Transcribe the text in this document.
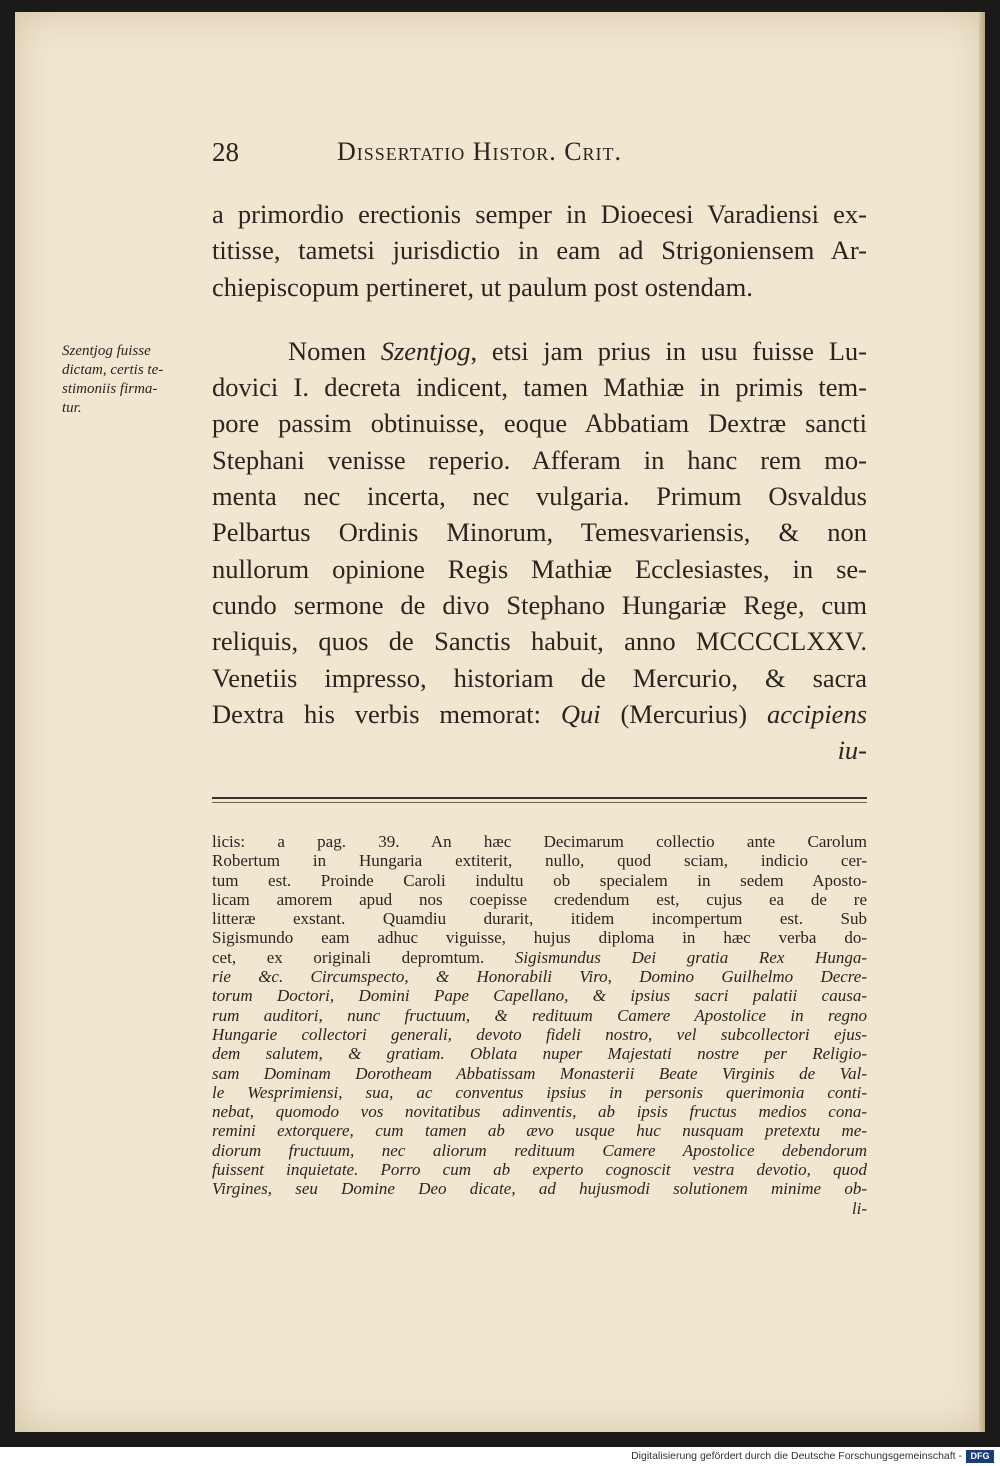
28	Dissertatio Histor. Crit.
Szentjog fuisse
dictam, certis te-
stimoniis firma-
tur.
a primordio erectionis semper in Dioecesi Varadiensi ex-
titisse, tametsi jurisdictio in eam ad Strigoniensem Ar-
chiepiscopum pertineret, ut paulum post ostendam.
Nomen Szentjog, etsi jam prius in usu fuisse Lu-
dovici I. decreta indicent, tamen Mathiæ in primis tem-
pore passim obtinuisse, eoque Abbatiam Dextræ sancti
Stephani venisse reperio. Afferam in hanc rem mo-
menta nec incerta, nec vulgaria. Primum Osvaldus
Pelbartus Ordinis Minorum, Temesvariensis, & non
nullorum opinione Regis Mathiæ Ecclesiastes, in se-
cundo sermone de divo Stephano Hungariæ Rege, cum
reliquis, quos de Sanctis habuit, anno MCCCCLXXV.
Venetiis impresso, historiam de Mercurio, & sacra
Dextra his verbis memorat: Qui (Mercurius) accipiens
iu-
licis: a pag. 39. An hæc Decimarum collectio ante Carolum
Robertum in Hungaria extiterit, nullo, quod sciam, indicio cer-
tum est. Proinde Caroli indultu ob specialem in sedem Aposto-
licam amorem apud nos coepisse credendum est, cujus ea de re
litteræ exstant. Quamdiu durarit, itidem incompertum est. Sub
Sigismundo eam adhuc viguisse, hujus diploma in hæc verba do-
cet, ex originali depromtum. Sigismundus Dei gratia Rex Hunga-
rie &c. Circumspecto, & Honorabili Viro, Domino Guilhelmo Decre-
torum Doctori, Domini Pape Capellano, & ipsius sacri palatii causa-
rum auditori, nunc fructuum, & redituum Camere Apostolice in regno
Hungarie collectori generali, devoto fideli nostro, vel subcollectori ejus-
dem salutem, & gratiam. Oblata nuper Majestati nostre per Religio-
sam Dominam Dorotheam Abbatissam Monasterii Beate Virginis de Val-
le Wesprimiensi, sua, ac conventus ipsius in personis querimonia conti-
nebat, quomodo vos novitatibus adinventis, ab ipsis fructus medios cona-
remini extorquere, cum tamen ab ævo usque huc nusquam pretextu me-
diorum fructuum, nec aliorum redituum Camere Apostolice debendorum
fuissent inquietate. Porro cum ab experto cognoscit vestra devotio, quod
Virgines, seu Domine Deo dicate, ad hujusmodi solutionem minime ob-
li-
Digitalisierung gefördert durch die Deutsche Forschungsgemeinschaft - DFG
